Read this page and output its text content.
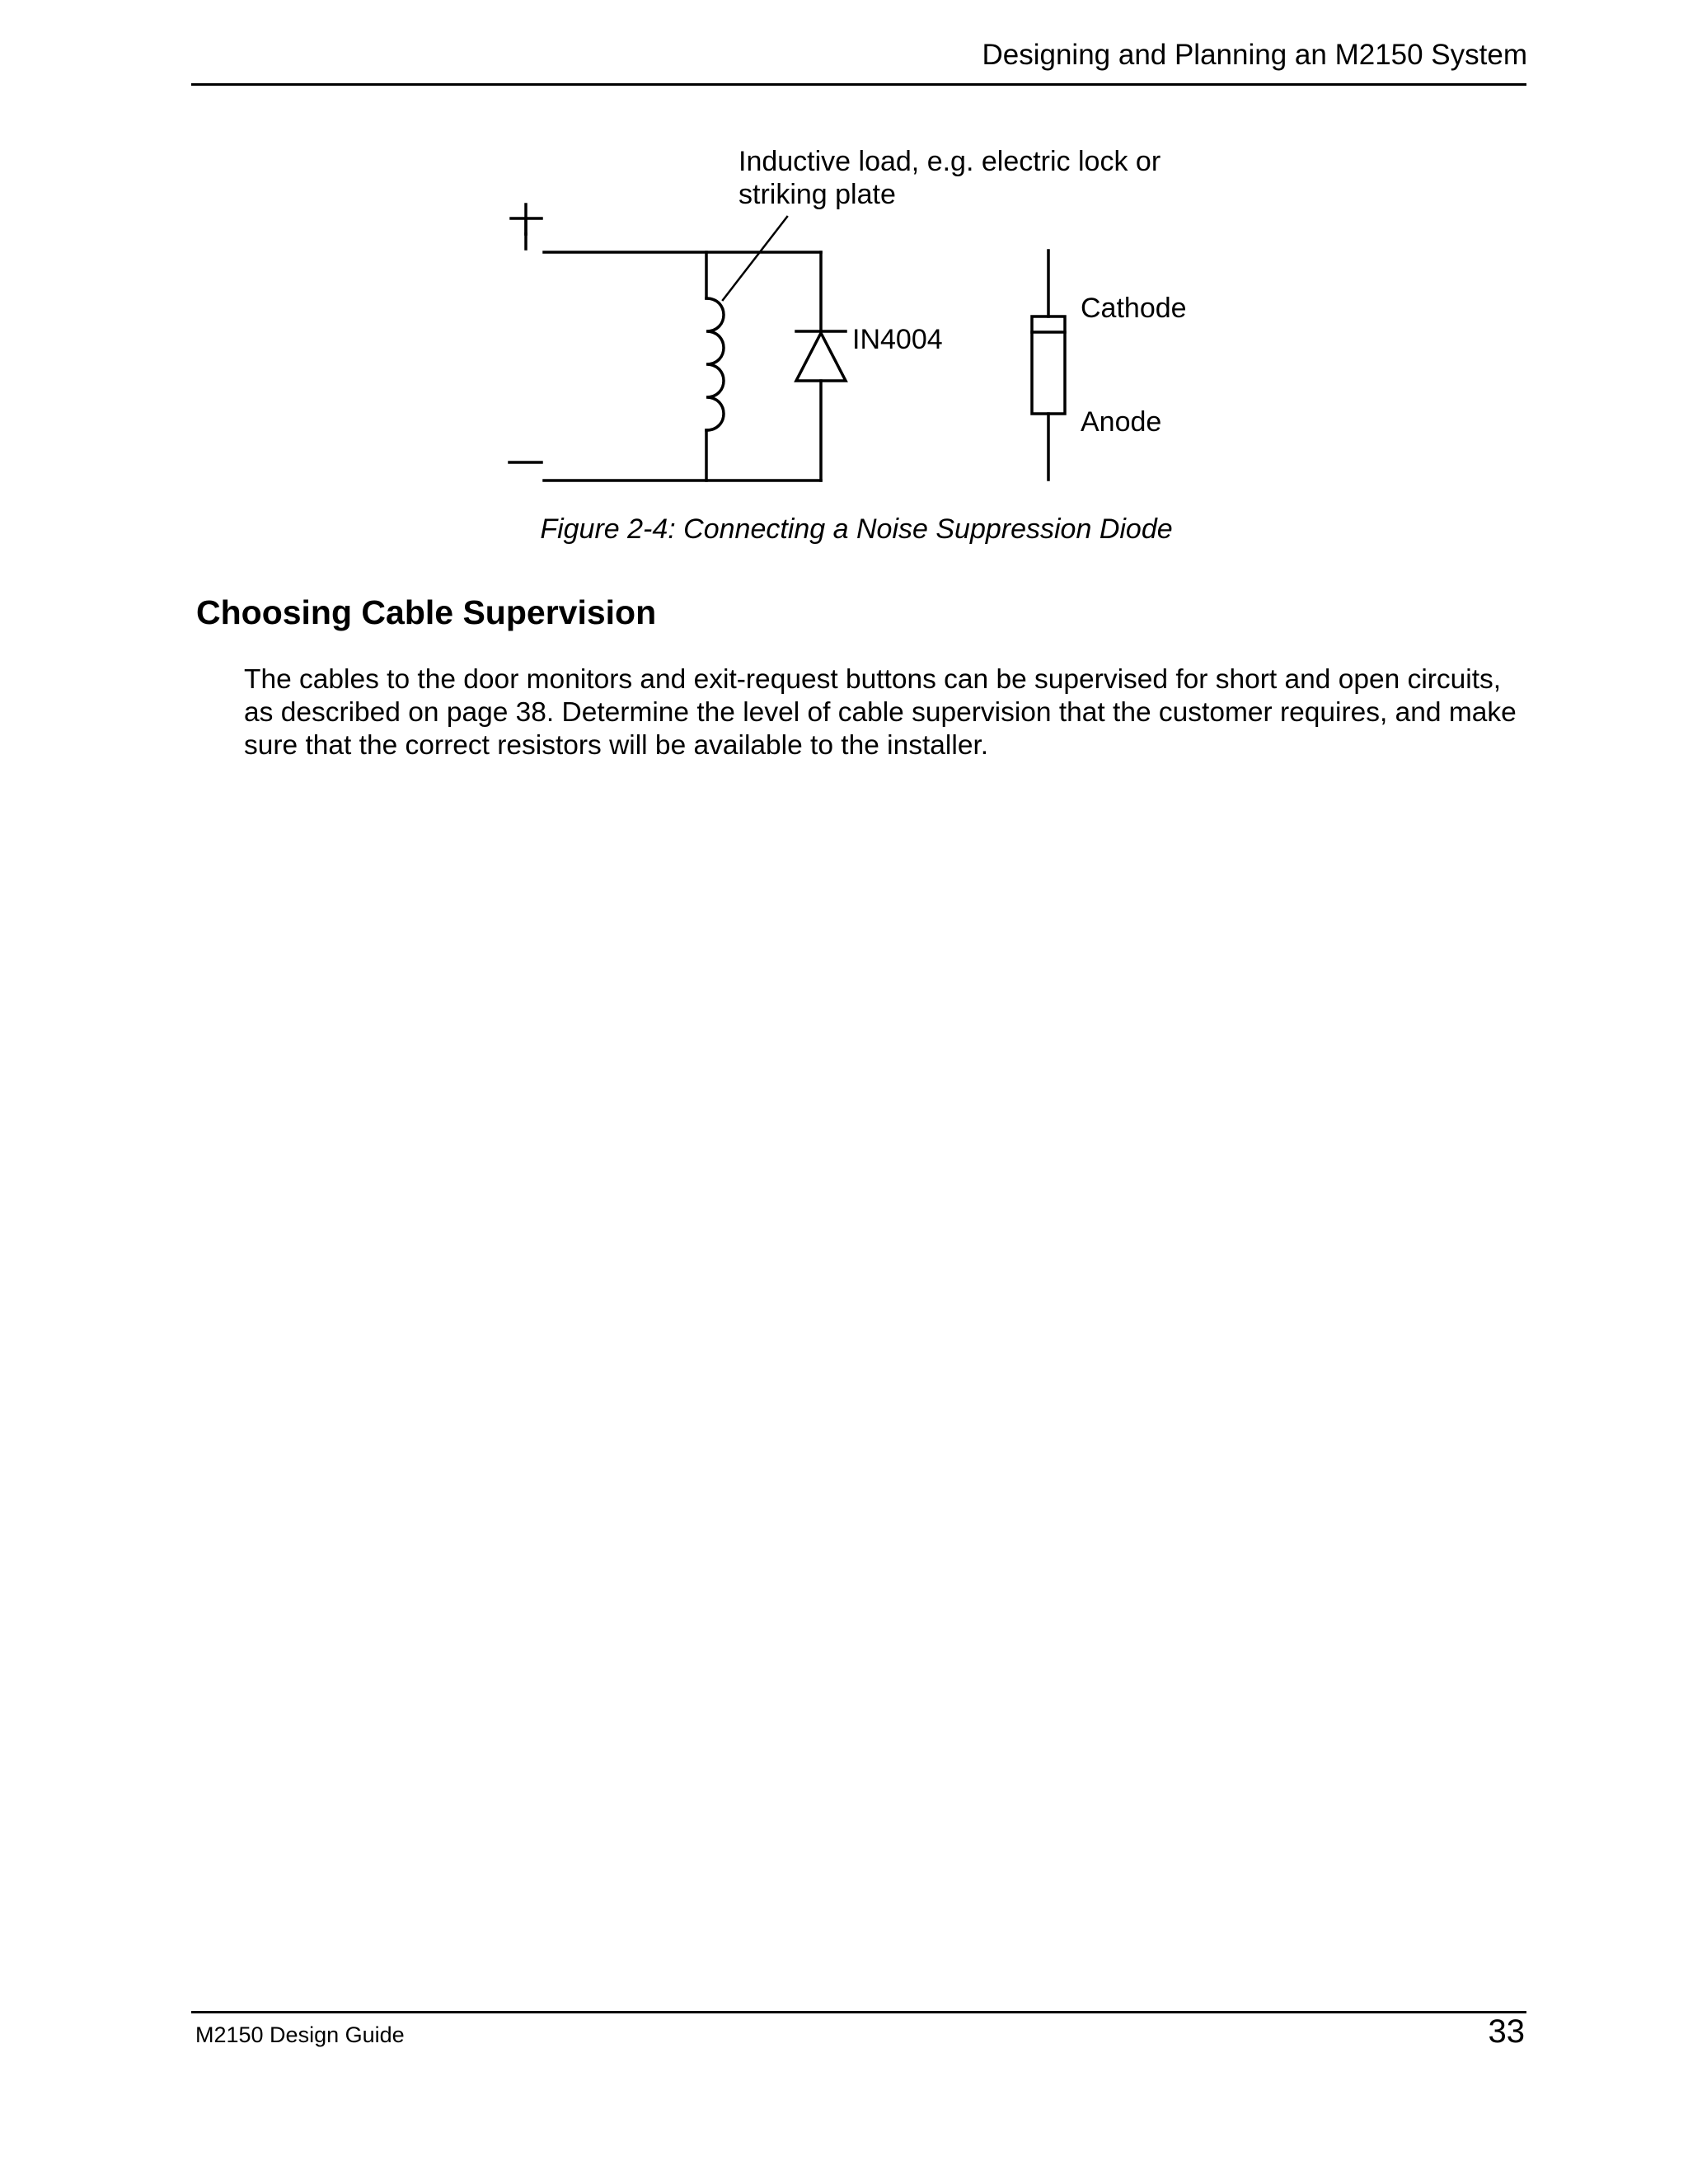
Designing and Planning an M2150 System
Inductive load, e.g. electric lock or
striking plate
IN4004
Cathode
Anode
Figure 2-4: Connecting a Noise Suppression Diode
Choosing Cable Supervision

The cables to the door monitors and exit-request buttons can be supervised for short and open circuits, as described on page 38. Determine the level of cable supervision that the customer requires, and make sure that the correct resistors will be available to the installer.

M2150 Design Guide	33
